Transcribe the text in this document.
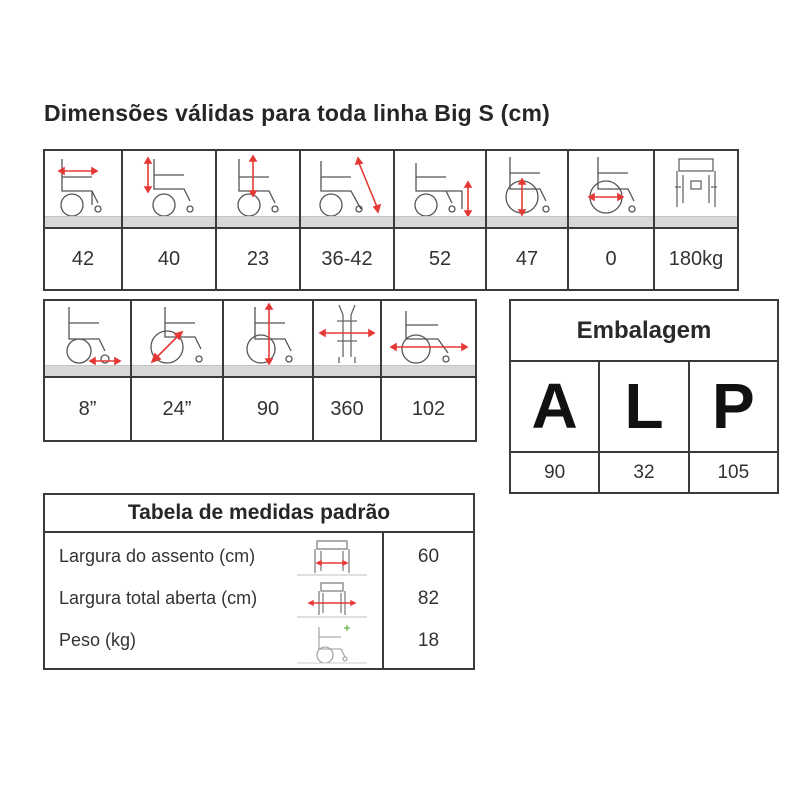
Dimensões válidas para toda linha Big S (cm)

42	40	23	36-42	52	47	0	180kg

8”	24”	90	360	102
Embalagem
A L P
90	32	105
Tabela de medidas padrão
Largura do assento (cm)	60
Largura total aberta (cm)	82
Peso (kg)	18
